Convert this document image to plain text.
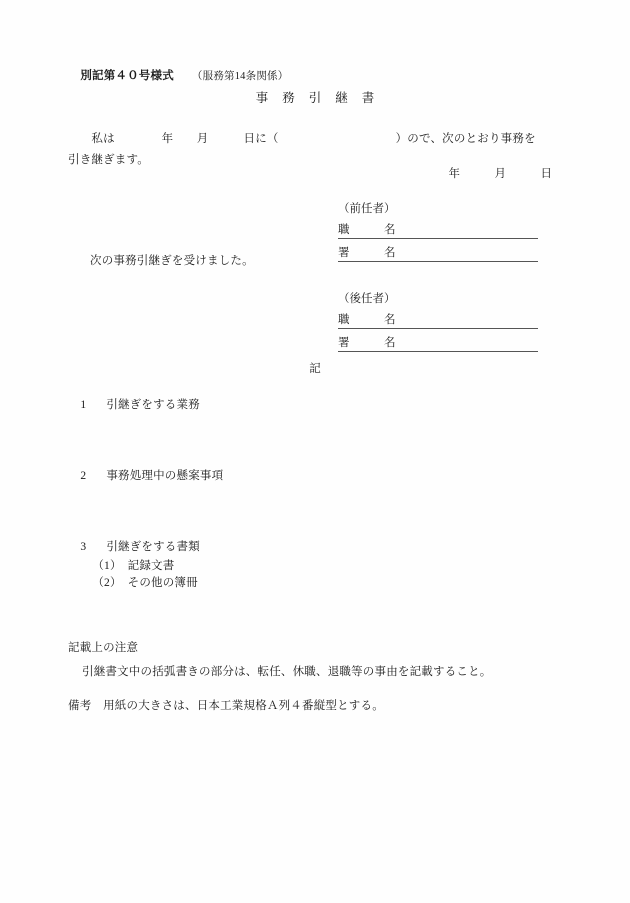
別記第４０号様式 （服務第14条関係）

事務引継書
　　私は　　　　年　　月　　　日に（　　　　　　　　　　）ので、次のとおり事務を引き継ぎます。
年　　　月　　　日
（前任者）
職　　　名
署　　　名
次の事務引継ぎを受けました。
（後任者）
職　　　名
署　　　名
記

1 引継ぎをする業務

2 事務処理中の懸案事項

3 引継ぎをする書類

（1）　記録文書

（2）　その他の簿冊

記載上の注意
引継書文中の括弧書きの部分は、転任、休職、退職等の事由を記載すること。
備考　用紙の大きさは、日本工業規格Ａ列４番縦型とする。
